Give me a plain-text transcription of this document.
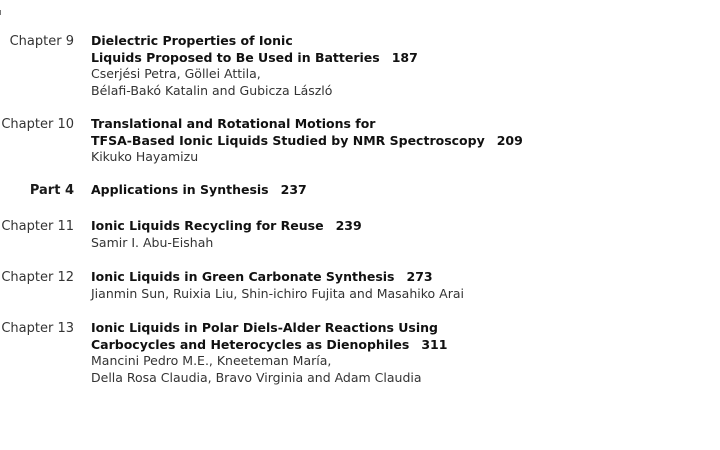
Chapter 9 Dielectric Properties of Ionic
Liquids Proposed to Be Used in Batteries 187
Cserjési Petra, Göllei Attila,
Bélafi-Bakó Katalin and Gubicza László
Chapter 10 Translational and Rotational Motions for
TFSA-Based Ionic Liquids Studied by NMR Spectroscopy 209
Kikuko Hayamizu
Part 4 Applications in Synthesis 237
Chapter 11 Ionic Liquids Recycling for Reuse 239
Samir I. Abu-Eishah
Chapter 12 Ionic Liquids in Green Carbonate Synthesis 273
Jianmin Sun, Ruixia Liu, Shin-ichiro Fujita and Masahiko Arai
Chapter 13 Ionic Liquids in Polar Diels-Alder Reactions Using
Carbocycles and Heterocycles as Dienophiles 311
Mancini Pedro M.E., Kneeteman María,
Della Rosa Claudia, Bravo Virginia and Adam Claudia
